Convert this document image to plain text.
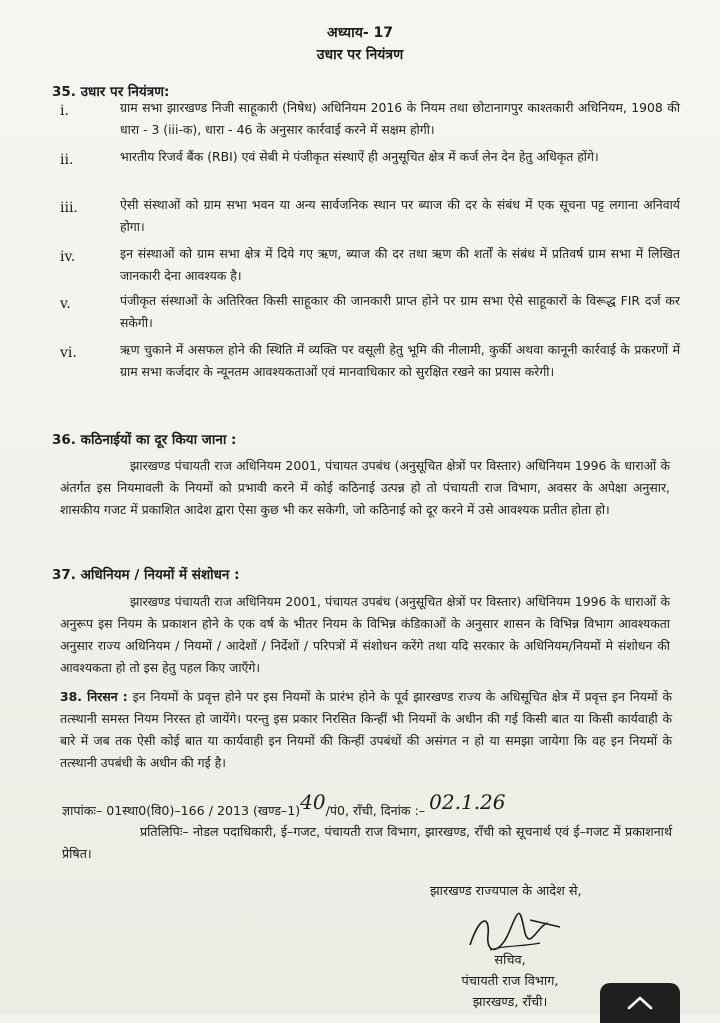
अध्याय- 17
उधार पर नियंत्रण
35. उधार पर नियंत्रण:
i.	ग्राम सभा झारखण्ड निजी साहूकारी (निषेध) अधिनियम 2016 के नियम तथा छोटानागपुर काश्तकारी अधिनियम, 1908 की धारा - 3 (iii-क), धारा - 46 के अनुसार कार्रवाई करने में सक्षम होगी।
ii.	भारतीय रिजर्व बैंक (RBI) एवं सेबी मे पंजीकृत संस्थाऐं ही अनुसूचित क्षेत्र में कर्ज लेन देन हेतु अधिकृत होंगे।
iii.	ऐसी संस्थाओं को ग्राम सभा भवन या अन्य सार्वजनिक स्थान पर ब्याज की दर के संबंध में एक सूचना पट्ट लगाना अनिवार्य होगा।
iv.	इन संस्थाओं को ग्राम सभा क्षेत्र में दिये गए ऋण, ब्याज की दर तथा ऋण की शर्तों के संबंध में प्रतिवर्ष ग्राम सभा में लिखित जानकारी देना आवश्यक है।
v.	पंजीकृत संस्थाओं के अतिरिक्त किसी साहूकार की जानकारी प्राप्त होने पर ग्राम सभा ऐसे साहूकारों के विरूद्ध FIR दर्ज कर सकेगी।
vi.	ऋण चुकाने में असफल होने की स्थिति में व्यक्ति पर वसूली हेतु भूमि की नीलामी, कुर्की अथवा कानूनी कार्रवाई के प्रकरणों में ग्राम सभा कर्जदार के न्यूनतम आवश्यकताओं एवं मानवाधिकार को सुरक्षित रखने का प्रयास करेगी।
36. कठिनाईयों का दूर किया जाना :
झारखण्ड पंचायती राज अधिनियम 2001, पंचायत उपबंध (अनुसूचित क्षेत्रों पर विस्तार) अधिनियम 1996 के धाराओं के अंतर्गत इस नियमावली के नियमों को प्रभावी करने में कोई कठिनाई उत्पन्न हो तो पंचायती राज विभाग, अवसर के अपेक्षा अनुसार, शासकीय गजट में प्रकाशित आदेश द्वारा ऐसा कुछ भी कर सकेगी, जो कठिनाई को दूर करने में उसे आवश्यक प्रतीत होता हो।
37. अधिनियम / नियमों में संशोधन :
झारखण्ड पंचायती राज अधिनियम 2001, पंचायत उपबंध (अनुसूचित क्षेत्रों पर विस्तार) अधिनियम 1996 के धाराओं के अनुरूप इस नियम के प्रकाशन होने के एक वर्ष के भीतर नियम के विभिन्न कंडिकाओं के अनुसार शासन के विभिन्न विभाग आवश्यकता अनुसार राज्य अधिनियम / नियमों / आदेशों / निर्देशों / परिपत्रों में संशोधन करेंगे तथा यदि सरकार के अधिनियम/नियमों मे संशोधन की आवश्यकता हो तो इस हेतु पहल किए जाएँगे।
38. निरसन : इन नियमों के प्रवृत्त होने पर इस नियमों के प्रारंभ होने के पूर्व झारखण्ड राज्य के अधिसूचित क्षेत्र में प्रवृत्त इन नियमों के तत्स्थानी समस्त नियम निरस्त हो जायेंगे। परन्तु इस प्रकार निरसित किन्हीं भी नियमों के अधीन की गई किसी बात या किसी कार्यवाही के बारे में जब तक ऐसी कोई बात या कार्यवाही इन नियमों की किन्हीं उपबंधों की असंगत न हो या समझा जायेगा कि वह इन नियमों के तत्स्थानी उपबंधी के अधीन की गई है।
ज्ञापांकः– 01स्था0(वि0)–166 / 2013 (खण्ड–1)40/पं0, राँची, दिनांक :– 02.1.26
प्रतिलिपिः– नोडल पदाधिकारी, ई–गजट, पंचायती राज विभाग, झारखण्ड, राँची को सूचनार्थ एवं ई–गजट में प्रकाशनार्थ प्रेषित।
झारखण्ड राज्यपाल के आदेश से,
सचिव,
पंचायती राज विभाग,
झारखण्ड, राँची।
